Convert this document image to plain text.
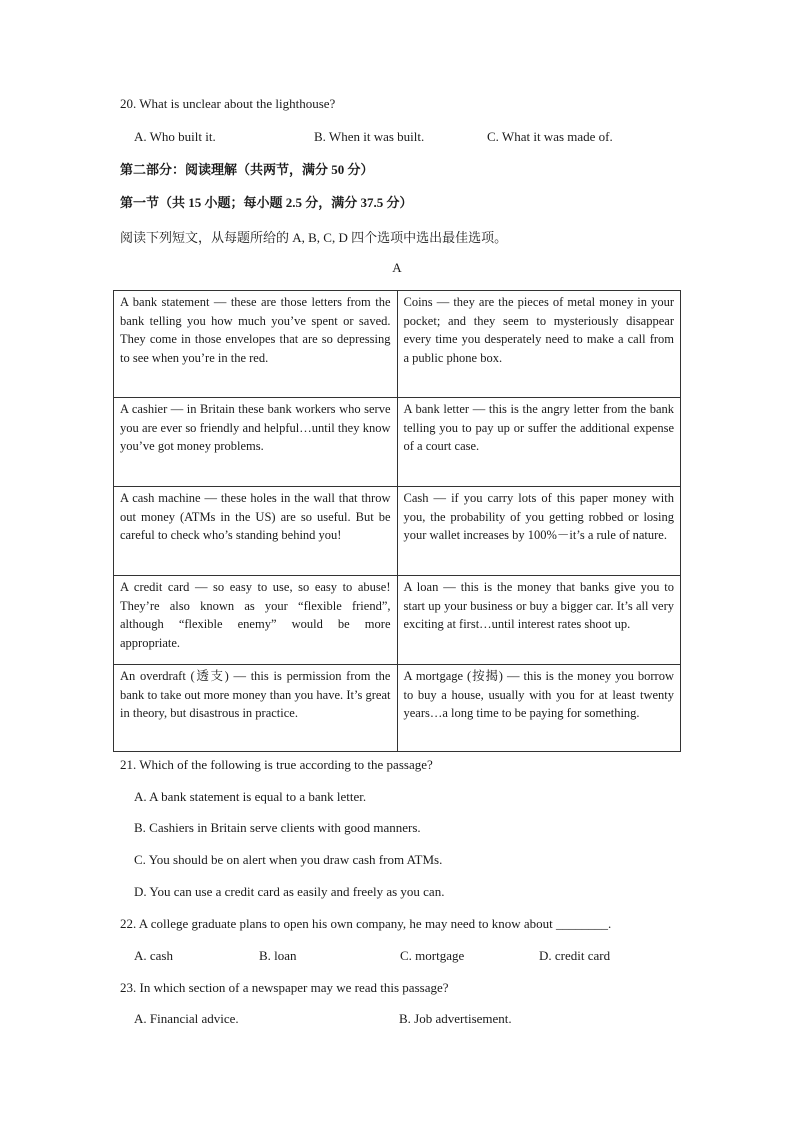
20. What is unclear about the lighthouse?
A. Who built it.	B. When it was built.	C. What it was made of.
第二部分：阅读理解（共两节，满分 50 分）
第一节（共 15 小题；每小题 2.5 分，满分 37.5 分）
阅读下列短文，从每题所给的 A, B, C, D 四个选项中选出最佳选项。
A
A bank statement — these are those letters from the bank telling you how much you’ve spent or saved. They come in those envelopes that are so depressing to see when you’re in the red.	Coins — they are the pieces of metal money in your pocket; and they seem to mysteriously disappear every time you desperately need to make a call from a public phone box.
A cashier — in Britain these bank workers who serve you are ever so friendly and helpful…until they know you’ve got money problems.	A bank letter — this is the angry letter from the bank telling you to pay up or suffer the additional expense of a court case.
A cash machine — these holes in the wall that throw out money (ATMs in the US) are so useful. But be careful to check who’s standing behind you!	Cash — if you carry lots of this paper money with you, the probability of you getting robbed or losing your wallet increases by 100%－it’s a rule of nature.
A credit card — so easy to use, so easy to abuse! They’re also known as your “flexible friend”, although “flexible enemy” would be more appropriate.	A loan — this is the money that banks give you to start up your business or buy a bigger car. It’s all very exciting at first…until interest rates shoot up.
An overdraft (透支) — this is permission from the bank to take out more money than you have. It’s great in theory, but disastrous in practice.	A mortgage (按揭) — this is the money you borrow to buy a house, usually with you for at least twenty years…a long time to be paying for something.
21. Which of the following is true according to the passage?
A. A bank statement is equal to a bank letter.
B. Cashiers in Britain serve clients with good manners.
C. You should be on alert when you draw cash from ATMs.
D. You can use a credit card as easily and freely as you can.
22. A college graduate plans to open his own company, he may need to know about ________.
A. cash	B. loan	C. mortgage	D. credit card
23. In which section of a newspaper may we read this passage?
A. Financial advice.	B. Job advertisement.
